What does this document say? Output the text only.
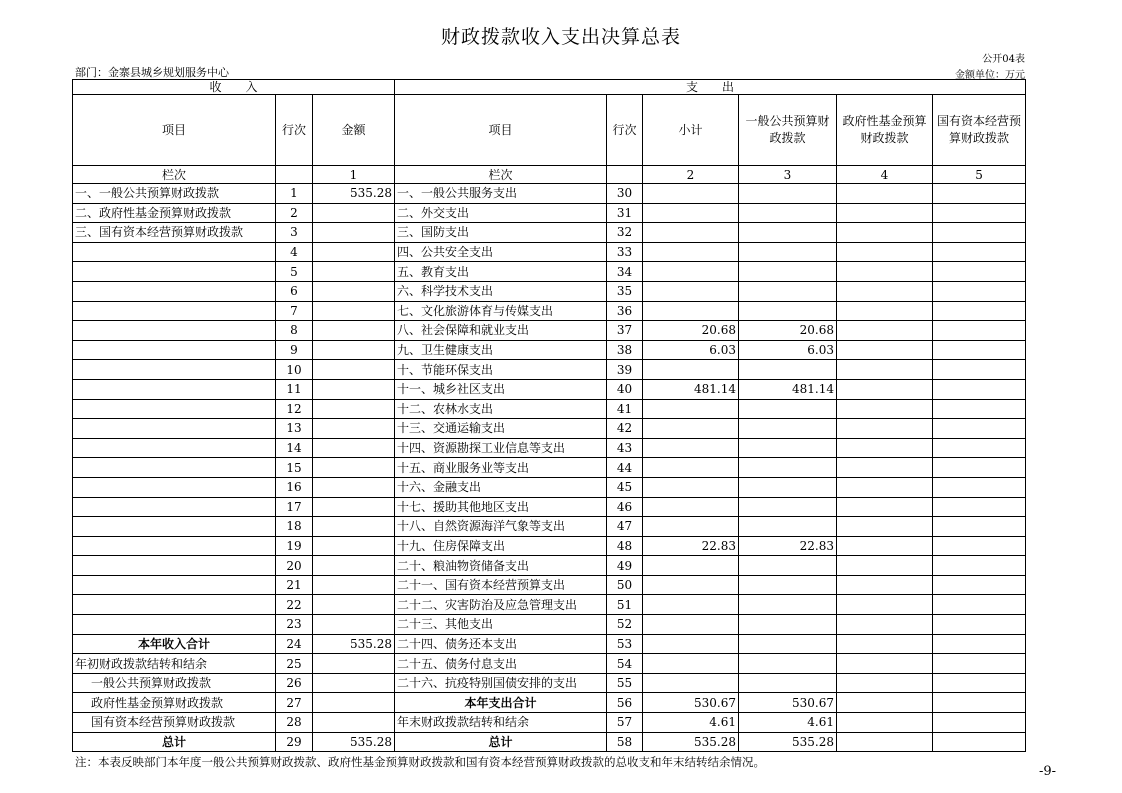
财政拨款收入支出决算总表
公开04表
部门：金寨县城乡规划服务中心	金额单位：万元
收　　入			支　　出					
项目	行次	金额	项目	行次	小计	一般公共预算财政拨款	政府性基金预算财政拨款	国有资本经营预算财政拨款
栏次		1	栏次		2	3	4	5
一、一般公共预算财政拨款	1	535.28	一、一般公共服务支出	30				
二、政府性基金预算财政拨款	2		二、外交支出	31				
三、国有资本经营预算财政拨款	3		三、国防支出	32				
	4		四、公共安全支出	33				
	5		五、教育支出	34				
	6		六、科学技术支出	35				
	7		七、文化旅游体育与传媒支出	36				
	8		八、社会保障和就业支出	37	20.68	20.68		
	9		九、卫生健康支出	38	6.03	6.03		
	10		十、节能环保支出	39				
	11		十一、城乡社区支出	40	481.14	481.14		
	12		十二、农林水支出	41				
	13		十三、交通运输支出	42				
	14		十四、资源勘探工业信息等支出	43				
	15		十五、商业服务业等支出	44				
	16		十六、金融支出	45				
	17		十七、援助其他地区支出	46				
	18		十八、自然资源海洋气象等支出	47				
	19		十九、住房保障支出	48	22.83	22.83		
	20		二十、粮油物资储备支出	49				
	21		二十一、国有资本经营预算支出	50				
	22		二十二、灾害防治及应急管理支出	51				
	23		二十三、其他支出	52				
本年收入合计	24	535.28	二十四、债务还本支出	53				
年初财政拨款结转和结余	25		二十五、债务付息支出	54				
一般公共预算财政拨款	26		二十六、抗疫特别国债安排的支出	55				
政府性基金预算财政拨款	27		本年支出合计	56	530.67	530.67		
国有资本经营预算财政拨款	28		年末财政拨款结转和结余	57	4.61	4.61		
总计	29	535.28	总计	58	535.28	535.28		
注：本表反映部门本年度一般公共预算财政拨款、政府性基金预算财政拨款和国有资本经营预算财政拨款的总收支和年末结转结余情况。
-9-
